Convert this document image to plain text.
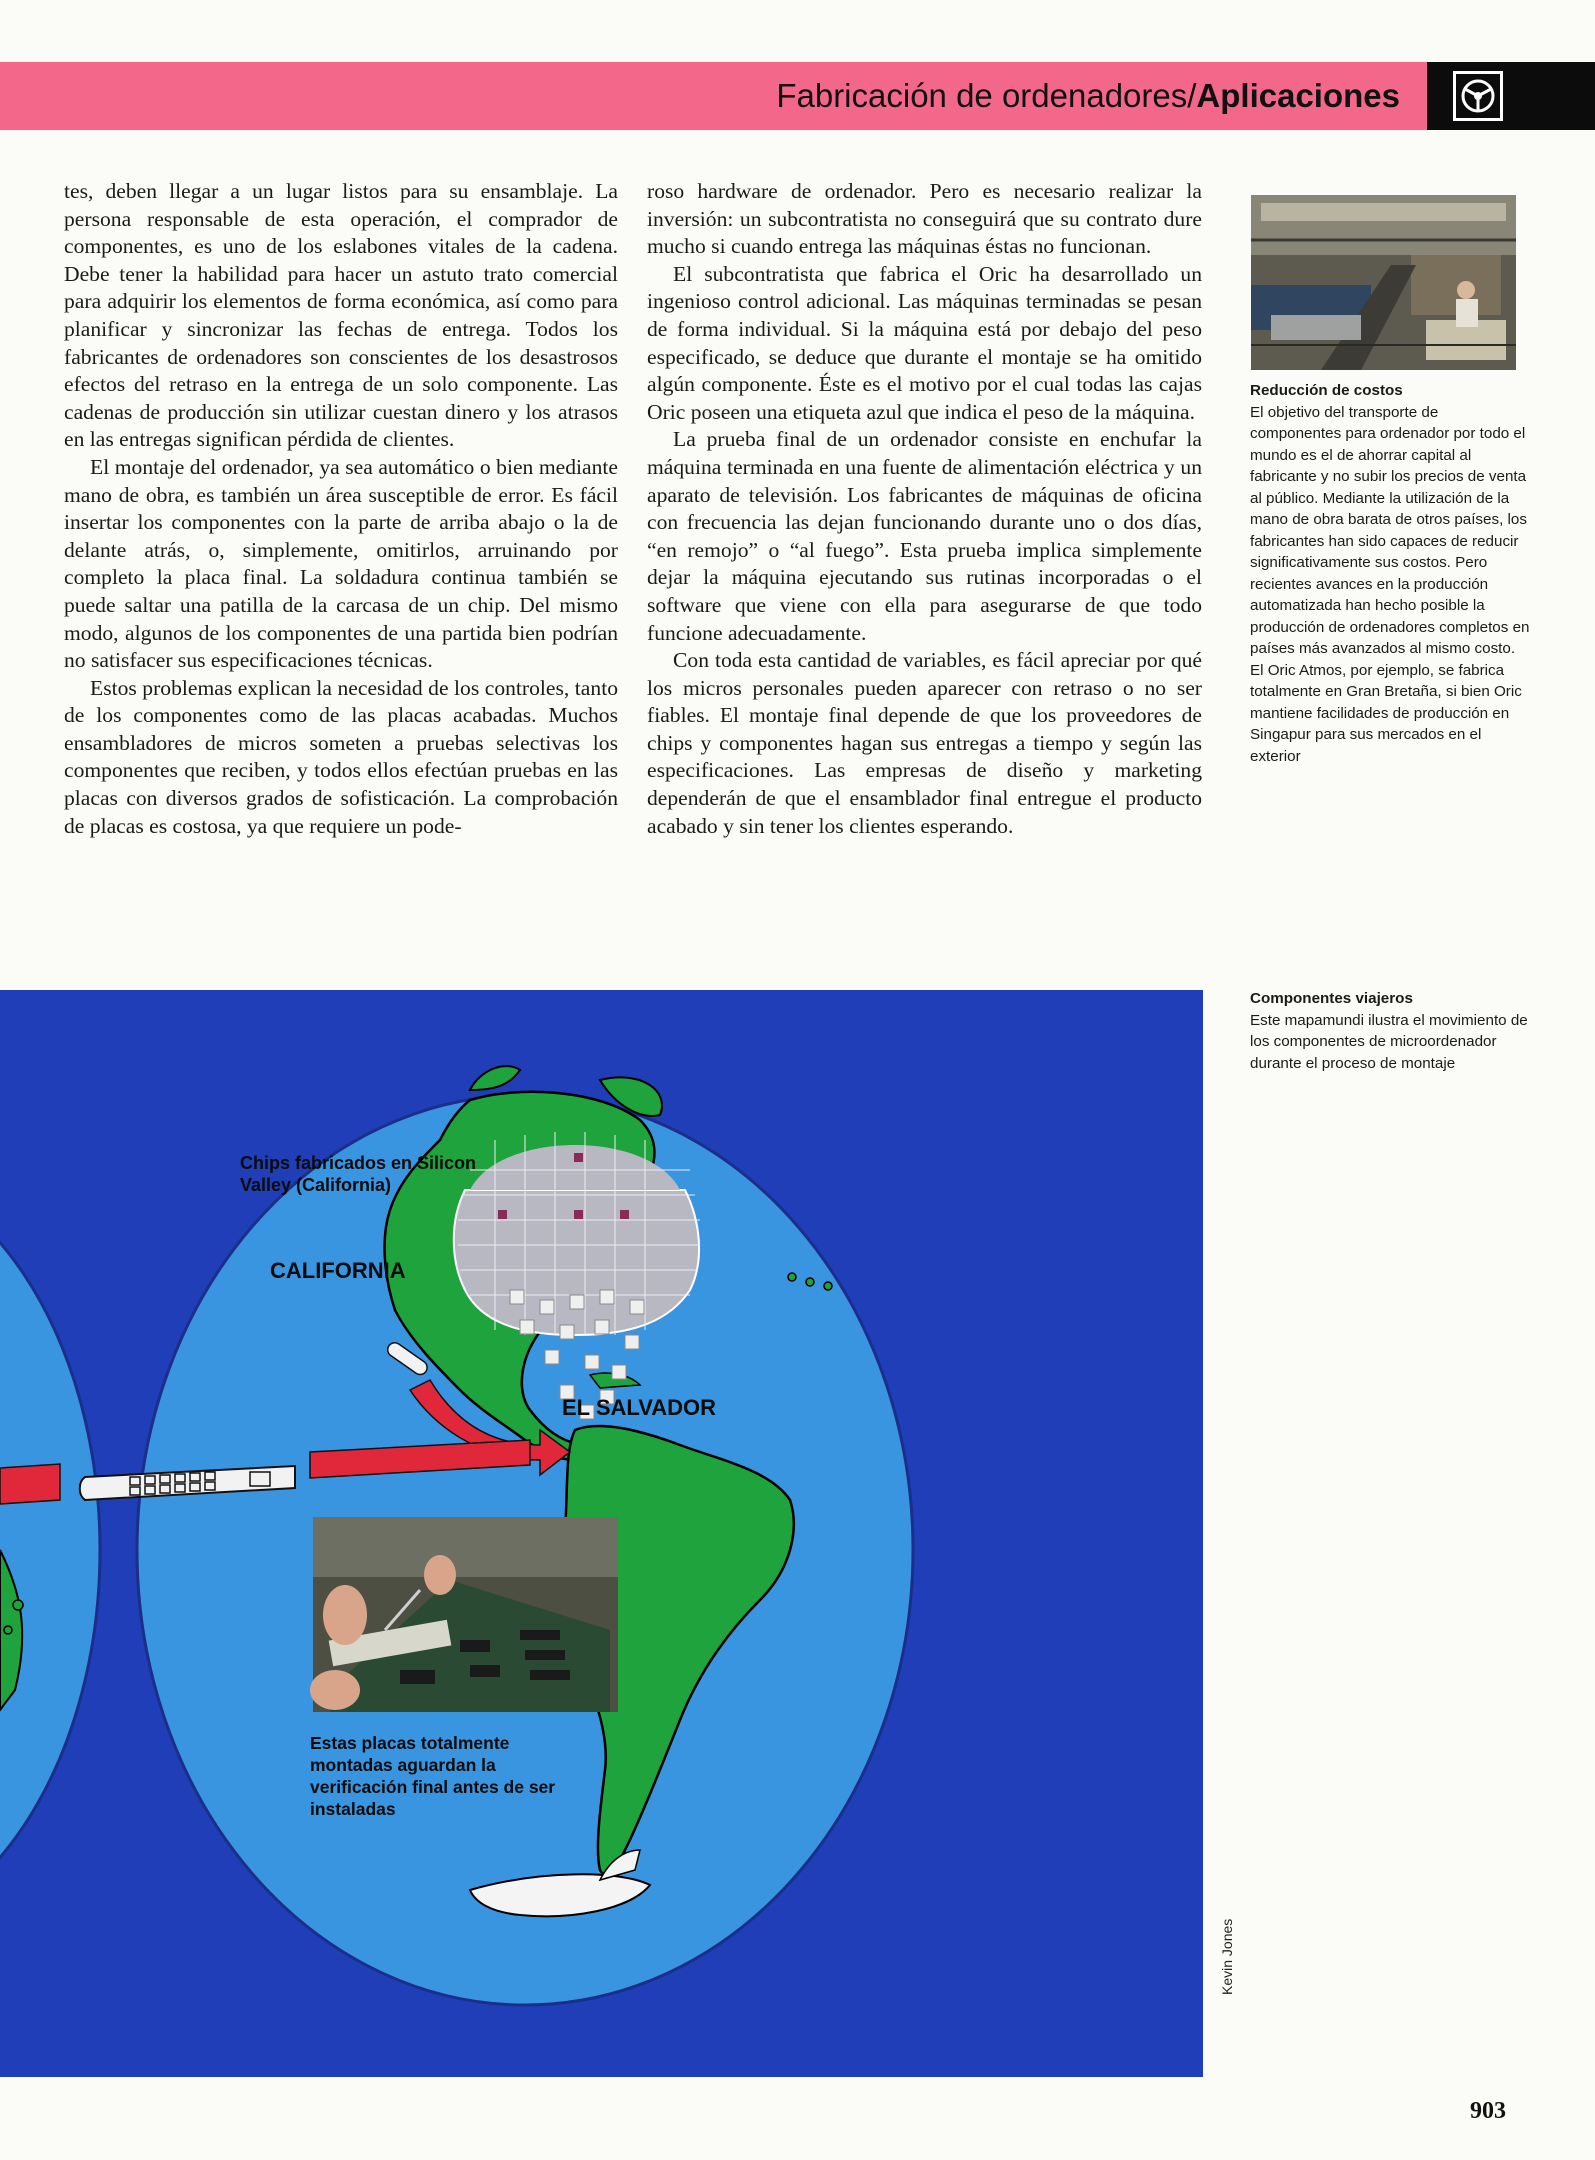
Fabricación de ordenadores/Aplicaciones

tes, deben llegar a un lugar listos para su ensamblaje. La persona responsable de esta operación, el comprador de componentes, es uno de los eslabones vitales de la cadena. Debe tener la habilidad para hacer un astuto trato comercial para adquirir los elementos de forma económica, así como para planificar y sincronizar las fechas de entrega. Todos los fabricantes de ordenadores son conscientes de los desastrosos efectos del retraso en la entrega de un solo componente. Las cadenas de producción sin utilizar cuestan dinero y los atrasos en las entregas significan pérdida de clientes.

El montaje del ordenador, ya sea automático o bien mediante mano de obra, es también un área susceptible de error. Es fácil insertar los componentes con la parte de arriba abajo o la de delante atrás, o, simplemente, omitirlos, arruinando por completo la placa final. La soldadura continua también se puede saltar una patilla de la carcasa de un chip. Del mismo modo, algunos de los componentes de una partida bien podrían no satisfacer sus especificaciones técnicas.

Estos problemas explican la necesidad de los controles, tanto de los componentes como de las placas acabadas. Muchos ensambladores de micros someten a pruebas selectivas los componentes que reciben, y todos ellos efectúan pruebas en las placas con diversos grados de sofisticación. La comprobación de placas es costosa, ya que requiere un pode-

roso hardware de ordenador. Pero es necesario realizar la inversión: un subcontratista no conseguirá que su contrato dure mucho si cuando entrega las máquinas éstas no funcionan.

El subcontratista que fabrica el Oric ha desarrollado un ingenioso control adicional. Las máquinas terminadas se pesan de forma individual. Si la máquina está por debajo del peso especificado, se deduce que durante el montaje se ha omitido algún componente. Éste es el motivo por el cual todas las cajas Oric poseen una etiqueta azul que indica el peso de la máquina.

La prueba final de un ordenador consiste en enchufar la máquina terminada en una fuente de alimentación eléctrica y un aparato de televisión. Los fabricantes de máquinas de oficina con frecuencia las dejan funcionando durante uno o dos días, “en remojo” o “al fuego”. Esta prueba implica simplemente dejar la máquina ejecutando sus rutinas incorporadas o el software que viene con ella para asegurarse de que todo funcione adecuadamente.

Con toda esta cantidad de variables, es fácil apreciar por qué los micros personales pueden aparecer con retraso o no ser fiables. El montaje final depende de que los proveedores de chips y componentes hagan sus entregas a tiempo y según las especificaciones. Las empresas de diseño y marketing dependerán de que el ensamblador final entregue el producto acabado y sin tener los clientes esperando.

Reducción de costos
El objetivo del transporte de componentes para ordenador por todo el mundo es el de ahorrar capital al fabricante y no subir los precios de venta al público. Mediante la utilización de la mano de obra barata de otros países, los fabricantes han sido capaces de reducir significativamente sus costos. Pero recientes avances en la producción automatizada han hecho posible la producción de ordenadores completos en países más avanzados al mismo costo. El Oric Atmos, por ejemplo, se fabrica totalmente en Gran Bretaña, si bien Oric mantiene facilidades de producción en Singapur para sus mercados en el exterior
Componentes viajeros
Este mapamundi ilustra el movimiento de los componentes de microordenador durante el proceso de montaje
Chips fabricados en Silicon Valley (California)
CALIFORNIA
EL SALVADOR
Estas placas totalmente montadas aguardan la verificación final antes de ser instaladas
Kevin Jones
903
